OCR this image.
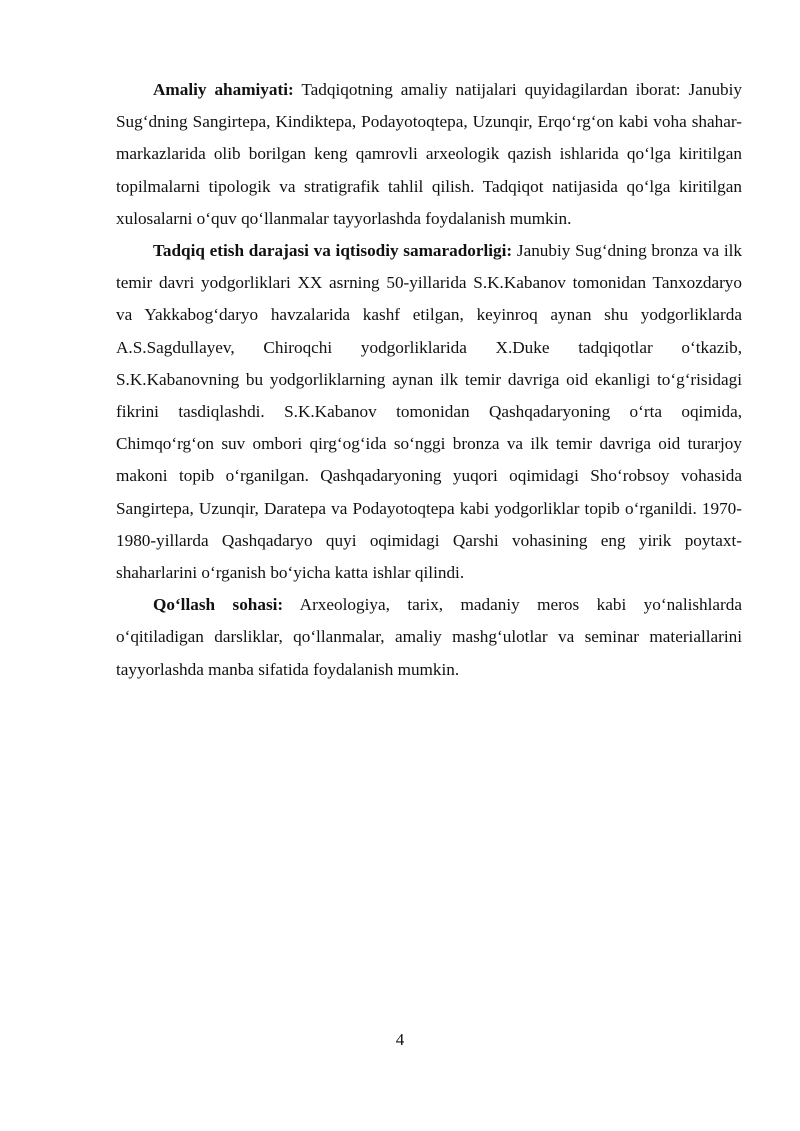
Amaliy ahamiyati: Tadqiqotning amaliy natijalari quyidagilardan iborat: Janubiy Sug‘dning Sangirtepa, Kindiktepa, Podayotoqtepa, Uzunqir, Erqo‘rg‘on kabi voha shahar-markazlarida olib borilgan keng qamrovli arxeologik qazish ishlarida qo‘lga kiritilgan topilmalarni tipologik va stratigrafik tahlil qilish. Tadqiqot natijasida qo‘lga kiritilgan xulosalarni o‘quv qo‘llanmalar tayyorlashda foydalanish mumkin.

Tadqiq etish darajasi va iqtisodiy samaradorligi: Janubiy Sug‘dning bronza va ilk temir davri yodgorliklari XX asrning 50-yillarida S.K.Kabanov tomonidan Tanxozdaryo va Yakkabog‘daryo havzalarida kashf etilgan, keyinroq aynan shu yodgorliklarda A.S.Sagdullayev, Chiroqchi yodgorliklarida X.Duke tadqiqotlar o‘tkazib, S.K.Kabanovning bu yodgorliklarning aynan ilk temir davriga oid ekanligi to‘g‘risidagi fikrini tasdiqlashdi. S.K.Kabanov tomonidan Qashqadaryoning o‘rta oqimida, Chimqo‘rg‘on suv ombori qirg‘og‘ida so‘nggi bronza va ilk temir davriga oid turarjoy makoni topib o‘rganilgan. Qashqadaryoning yuqori oqimidagi Sho‘robsoy vohasida Sangirtepa, Uzunqir, Daratepa va Podayotoqtepa kabi yodgorliklar topib o‘rganildi. 1970-1980-yillarda Qashqadaryo quyi oqimidagi Qarshi vohasining eng yirik poytaxt-shaharlarini o‘rganish bo‘yicha katta ishlar qilindi.

Qo‘llash sohasi: Arxeologiya, tarix, madaniy meros kabi yo‘nalishlarda o‘qitiladigan darsliklar, qo‘llanmalar, amaliy mashg‘ulotlar va seminar materiallarini tayyorlashda manba sifatida foydalanish mumkin.

4
